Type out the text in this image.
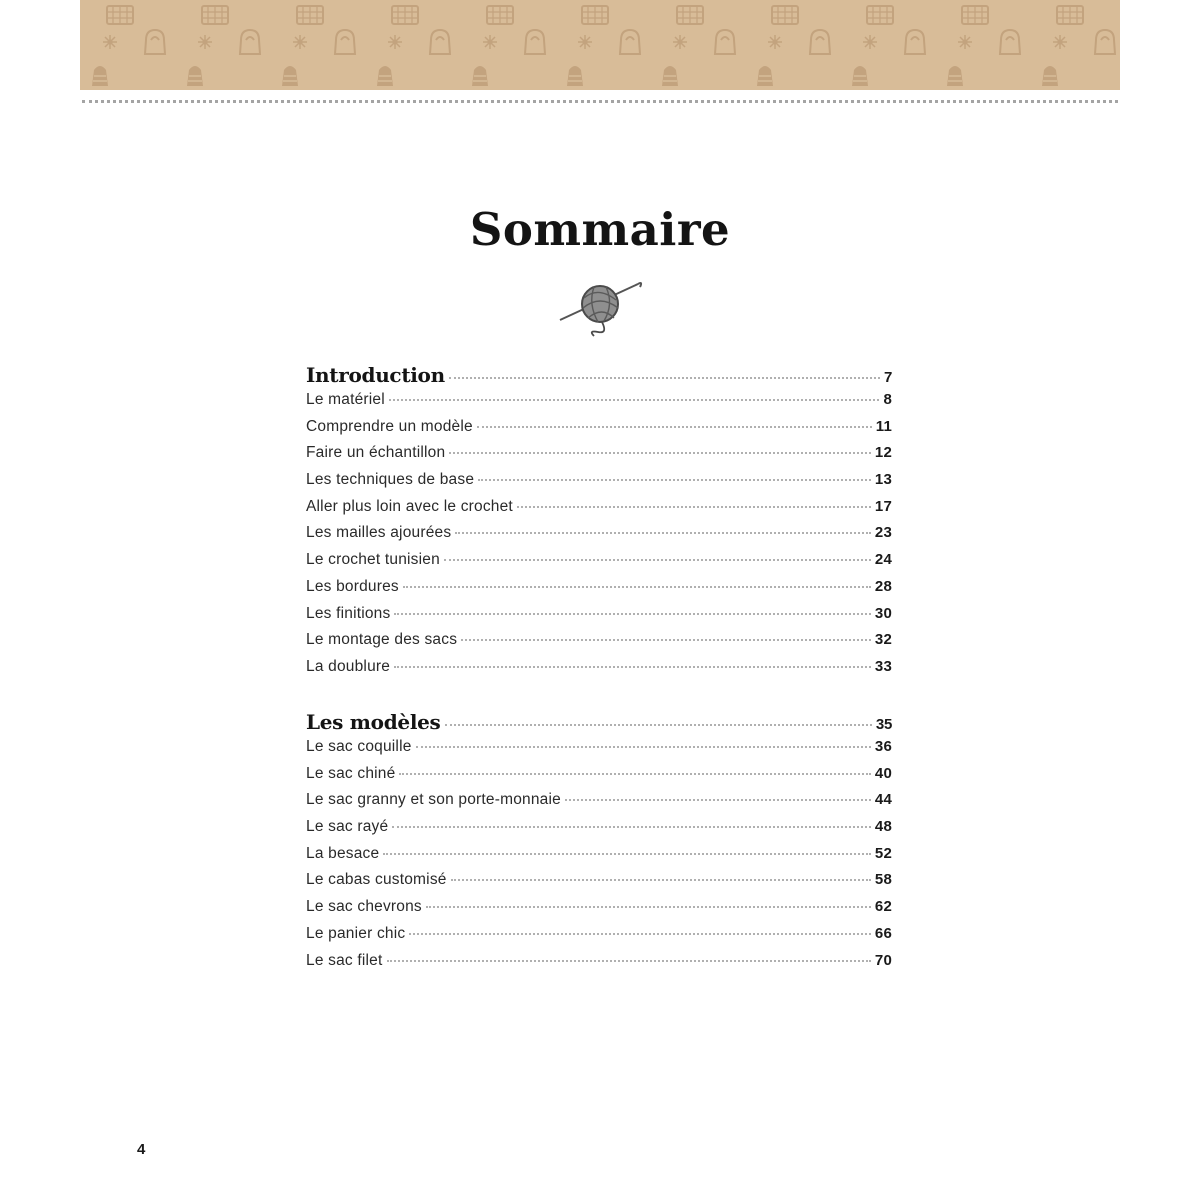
Sommaire
Introduction	7
Le matériel	8
Comprendre un modèle	11
Faire un échantillon	12
Les techniques de base	13
Aller plus loin avec le crochet	17
Les mailles ajourées	23
Le crochet tunisien	24
Les bordures	28
Les finitions	30
Le montage des sacs	32
La doublure	33
Les modèles	35
Le sac coquille	36
Le sac chiné	40
Le sac granny et son porte-monnaie	44
Le sac rayé	48
La besace	52
Le cabas customisé	58
Le sac chevrons	62
Le panier chic	66
Le sac filet	70
4
